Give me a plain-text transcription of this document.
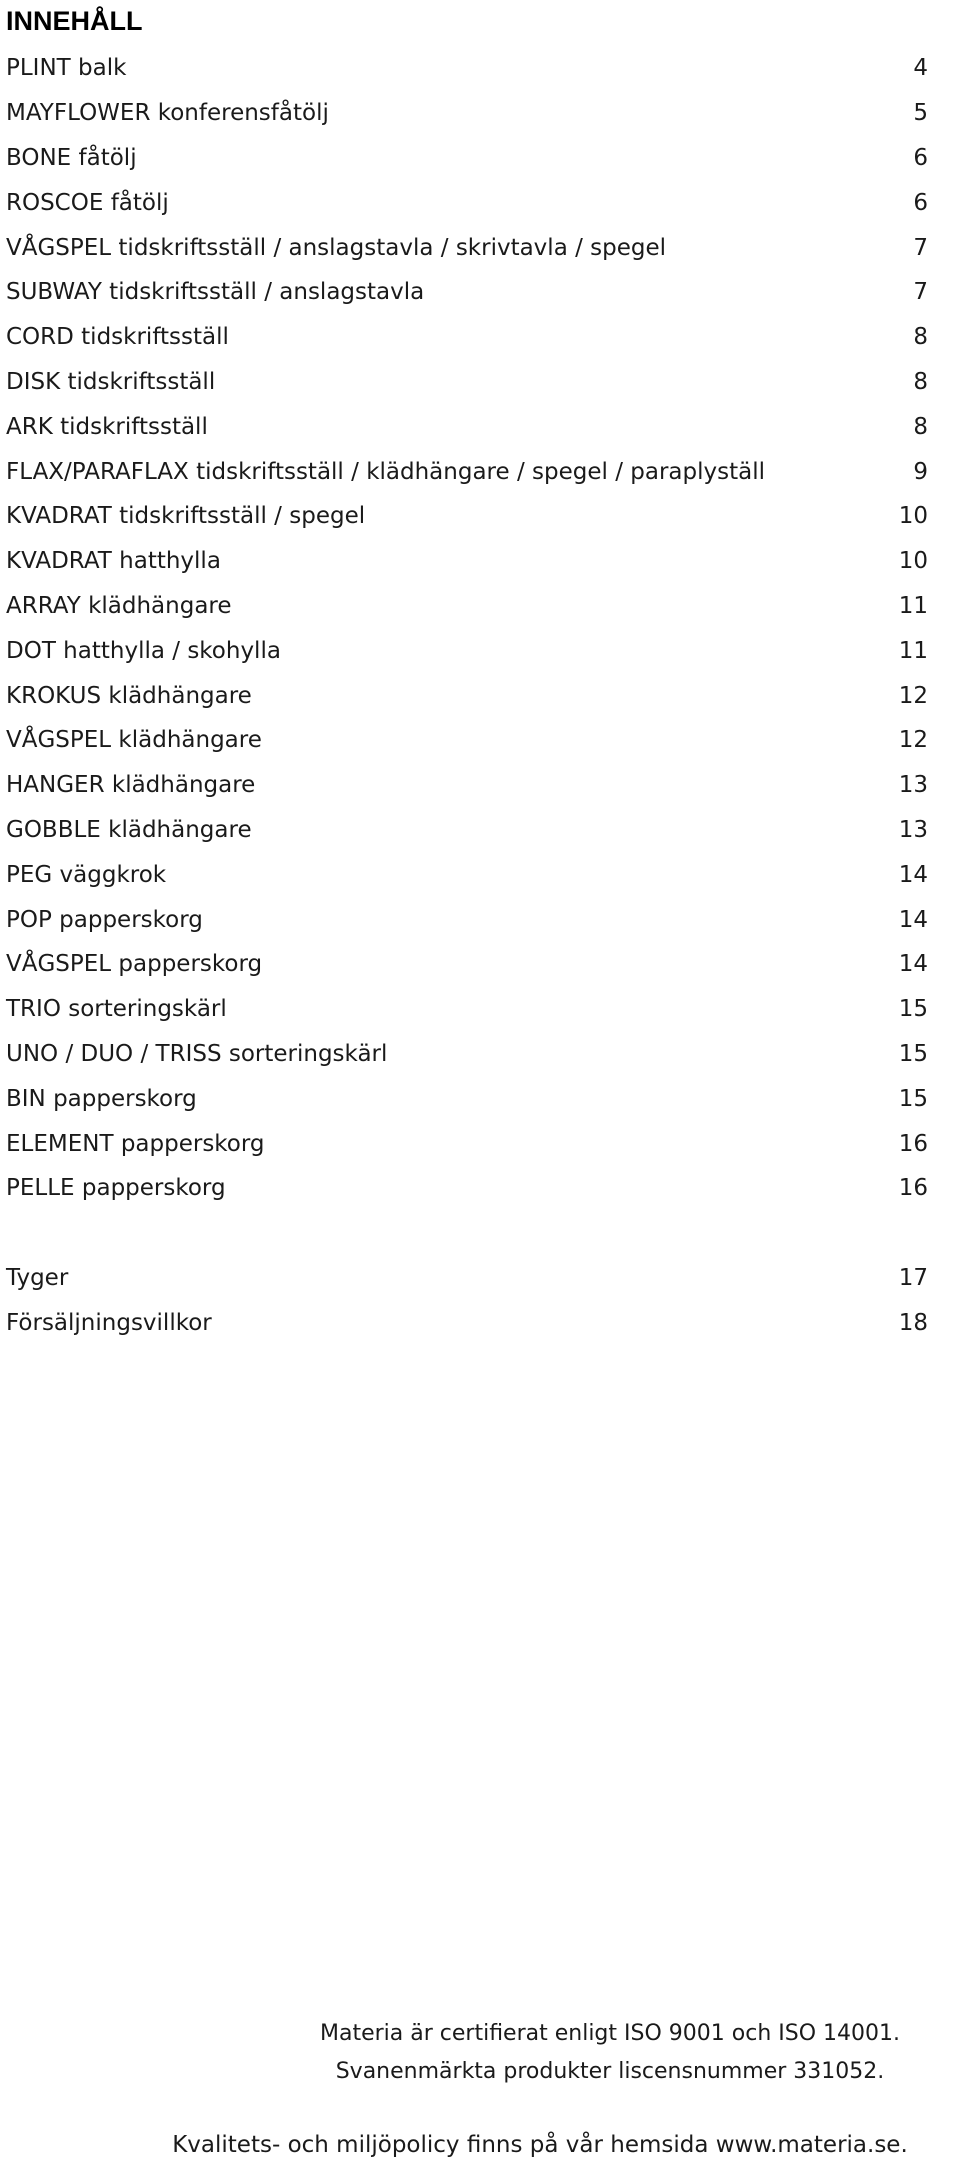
INNEHÅLL
PLINT balk	4
MAYFLOWER konferensfåtölj	5
BONE fåtölj	6
ROSCOE fåtölj	6
VÅGSPEL tidskriftsställ / anslagstavla / skrivtavla / spegel	7
SUBWAY tidskriftsställ / anslagstavla	7
CORD tidskriftsställ	8
DISK tidskriftsställ	8
ARK tidskriftsställ	8
FLAX/PARAFLAX tidskriftsställ / klädhängare / spegel / paraplyställ	9
KVADRAT tidskriftsställ / spegel	10
KVADRAT hatthylla	10
ARRAY klädhängare	11
DOT hatthylla / skohylla	11
KROKUS klädhängare	12
VÅGSPEL klädhängare	12
HANGER klädhängare	13
GOBBLE klädhängare	13
PEG väggkrok	14
POP papperskorg	14
VÅGSPEL papperskorg	14
TRIO sorteringskärl	15
UNO / DUO / TRISS sorteringskärl	15
BIN papperskorg	15
ELEMENT papperskorg	16
PELLE papperskorg	16
Tyger	17
Försäljningsvillkor	18
Materia är certifierat enligt ISO 9001 och ISO 14001.
Svanenmärkta produkter liscensnummer 331052.
Kvalitets- och miljöpolicy finns på vår hemsida www.materia.se.
